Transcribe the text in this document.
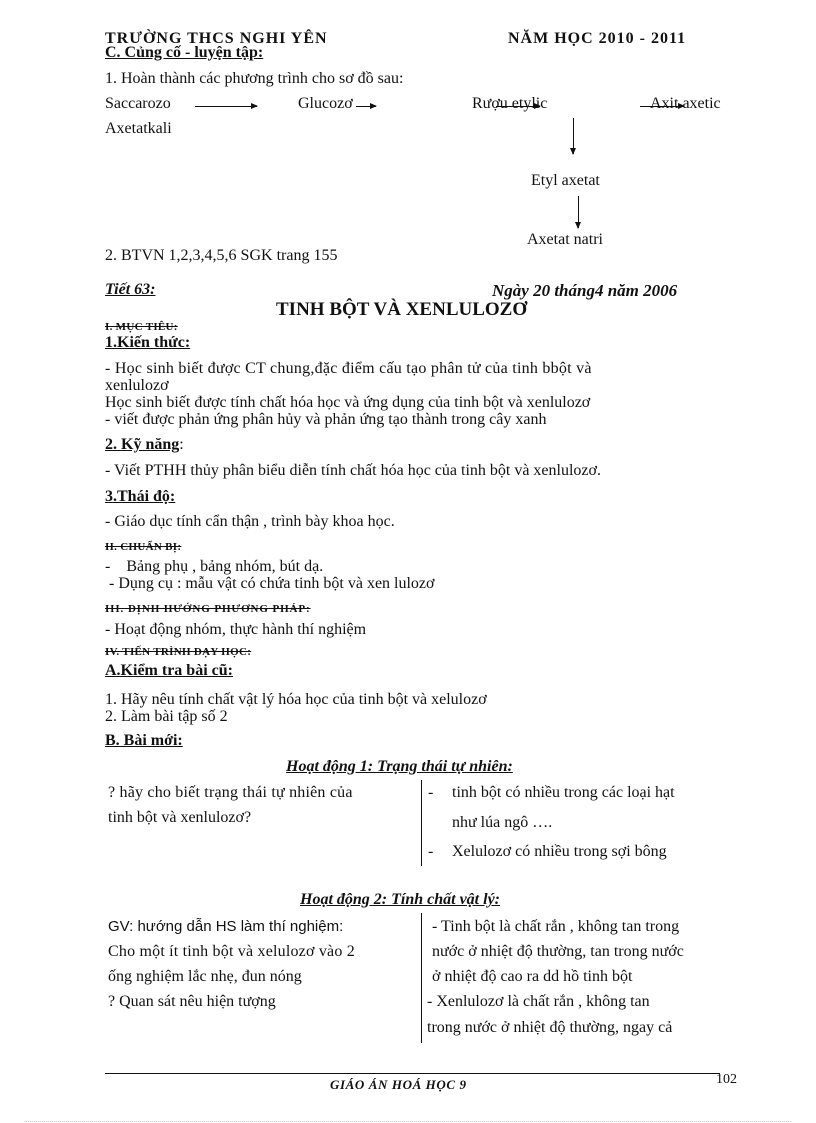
TRƯỜNG THCS NGHI YÊN	NĂM HỌC 2010 - 2011
C. Củng cố - luyện tập:
1. Hoàn thành các phương trình cho sơ đồ sau:
Saccarozo	Glucozơ	Rượu etylic	Axit axetic
Axetatkali
Etyl axetat
Axetat natri
2. BTVN 1,2,3,4,5,6 SGK trang 155
Tiết 63:	Ngày 20 tháng4 năm 2006
TINH BỘT VÀ XENLULOZƠ
I. MỤC TIÊU:
1.Kiến thức:
- Học sinh biết được CT chung,đặc điểm cấu tạo phân tử của tinh bbột và
xenlulozơ
Học sinh biết được tính chất hóa học và ứng dụng của tinh bột và xenlulozơ
- viết được phản ứng phân hủy và phản ứng tạo thành trong cây xanh
2. Kỹ năng:
- Viết PTHH thủy phân biểu diễn tính chất hóa học của tinh bột và xenlulozơ.
3.Thái độ:
- Giáo dục tính cẩn thận , trình bày khoa học.
II. CHUẨN BỊ:
-    Bảng phụ , bảng nhóm, bút dạ.
- Dụng cụ : mẫu vật có chứa tinh bột và xen lulozơ
III. ĐỊNH HƯỚNG PHƯƠNG PHÁP:
- Hoạt động nhóm, thực hành thí nghiệm
IV. TIẾN TRÌNH DẠY HỌC:
A.Kiểm tra bài cũ:
1. Hãy nêu tính chất vật lý hóa học của tinh bột và xelulozơ
2. Làm bài tập số 2
B. Bài mới:
Hoạt động 1: Trạng thái tự nhiên:
? hãy cho biết trạng thái tự nhiên của
tinh bột và xenlulozơ?
- tinh bột có nhiều trong các loại hạt
như lúa ngô ….
- Xelulozơ có nhiều trong sợi bông
Hoạt động 2: Tính chất vật lý:
GV: hướng dẫn HS làm thí nghiệm:
Cho một ít tinh bột và xelulozơ vào 2
ống nghiệm lắc nhẹ, đun nóng
? Quan sát nêu hiện tượng
- Tinh bột là chất rắn , không tan trong
nước ở nhiệt độ thường, tan trong nước
ở nhiệt độ cao ra dd hồ tinh bột
- Xenlulozơ là chất rắn , không tan
trong nước ở nhiệt độ thường, ngay cả
GIÁO ÁN HOÁ HỌC 9	102
